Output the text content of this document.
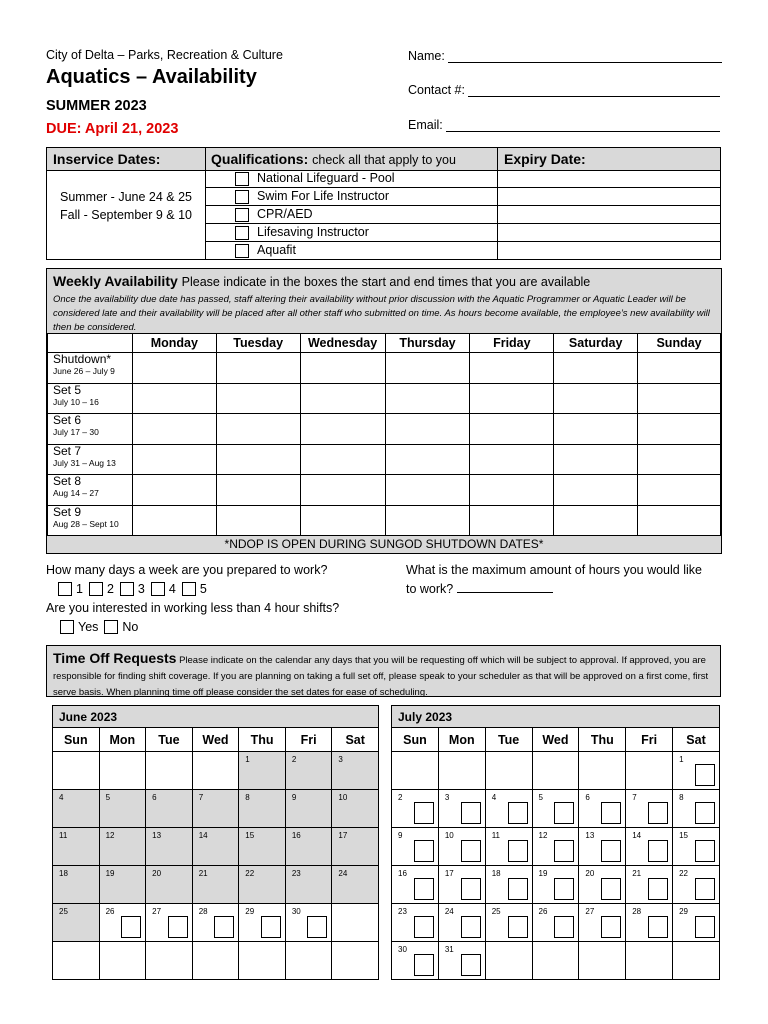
City of Delta – Parks, Recreation & Culture
Aquatics – Availability
SUMMER 2023
DUE: April 21, 2023
Name:
Contact #:
Email:
Inservice Dates:	Qualifications: check all that apply to you	Expiry Date:
Summer - June 24 & 25
Fall - September 9 & 10
National Lifeguard - Pool
Swim For Life Instructor
CPR/AED
Lifesaving Instructor
Aquafit
Weekly Availability Please indicate in the boxes the start and end times that you are available
Once the availability due date has passed, staff altering their availability without prior discussion with the Aquatic Programmer or Aquatic Leader will be considered late and their availability will be placed after all other staff who submitted on time. As hours become available, the employee’s new availability will then be considered.
	Monday	Tuesday	Wednesday	Thursday	Friday	Saturday	Sunday
Shutdown*
June 26 – July 9							

Set 5
July 10 – 16							

Set 6
July 17 – 30							

Set 7
July 31 – Aug 13							

Set 8
Aug 14 – 27							

Set 9
Aug 28 – Sept 10							

*NDOP IS OPEN DURING SUNGOD SHUTDOWN DATES*
How many days a week are you prepared to work?
1 2 3 4 5
Are you interested in working less than 4 hour shifts?
Yes No
What is the maximum amount of hours you would like
to work?
Time Off Requests Please indicate on the calendar any days that you will be requesting off which will be subject to approval. If approved, you are responsible for finding shift coverage. If you are planning on taking a full set off, please speak to your scheduler as that will be approved on a first come, first serve basis. When planning time off please consider the set dates for ease of scheduling.
June 2023						
Sun	Mon	Tue	Wed	Thu	Fri	Sat

				1	2	3

4	5	6	7	8	9	10

11	12	13	14	15	16	17

18	19	20	21	22	23	24

25	26	27	28	29	30	

July 2023						
Sun	Mon	Tue	Wed	Thu	Fri	Sat

						1

2	3	4	5	6	7	8

9	10	11	12	13	14	15

16	17	18	19	20	21	22

23	24	25	26	27	28	29

30	31					
